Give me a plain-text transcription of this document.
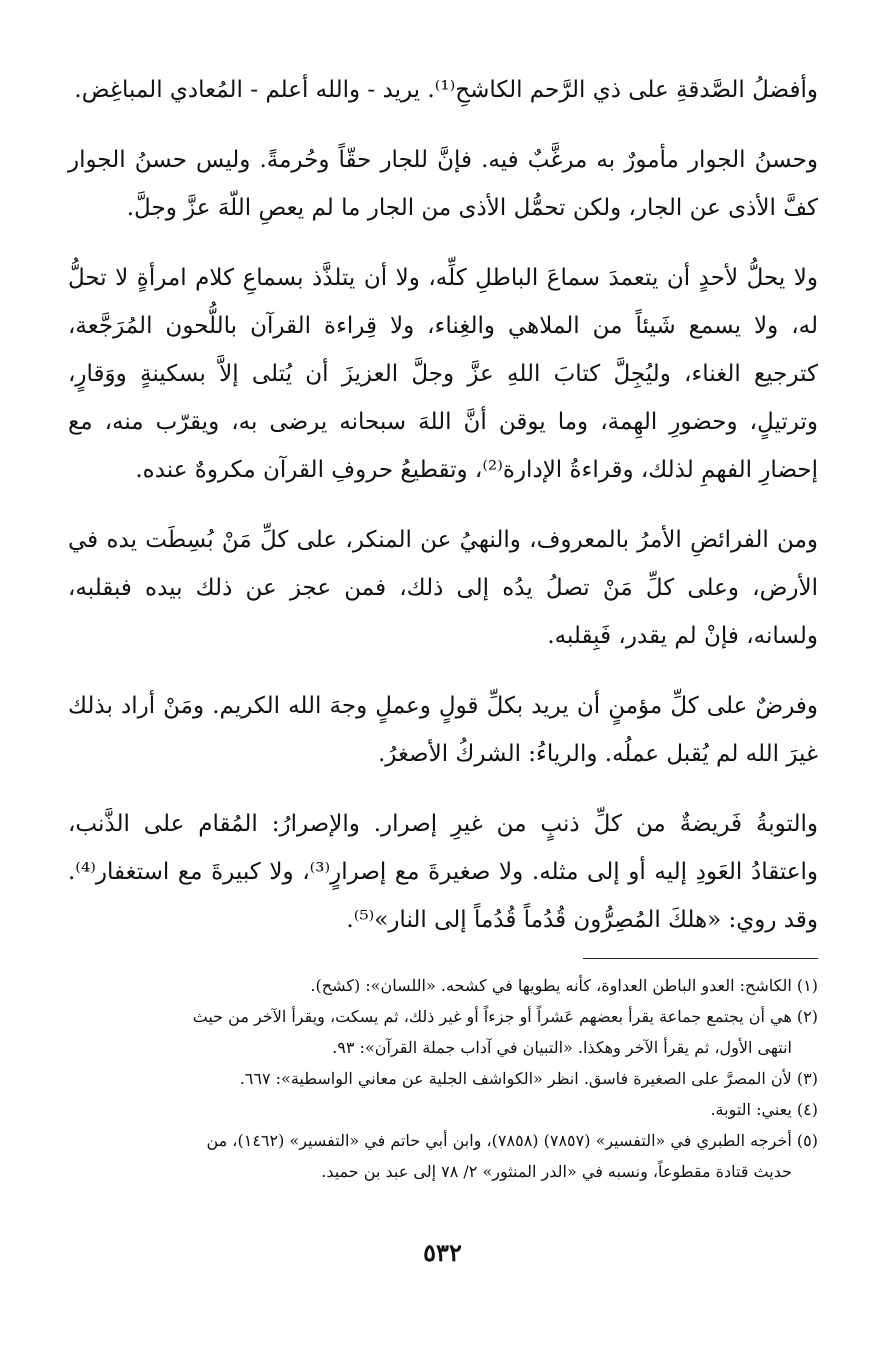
وأفضلُ الصَّدقةِ على ذي الرَّحم الكاشحِ⁽¹⁾. يريد - والله أعلم - المُعادي المباغِض.

وحسنُ الجوار مأمورٌ به مرغَّبٌ فيه. فإنَّ للجار حقّاً وحُرمةً. وليس حسنُ الجوار كفَّ الأذى عن الجار، ولكن تحمُّل الأذى من الجار ما لم يعصِ اللّهَ عزَّ وجلَّ.

ولا يحلُّ لأحدٍ أن يتعمدَ سماعَ الباطلِ كلِّه، ولا أن يتلذَّذ بسماعِ كلام امرأةٍ لا تحلُّ له، ولا يسمع شَيئاً من الملاهي والغِناء، ولا قِراءة القرآن باللُّحون المُرَجَّعة، كترجيع الغناء، وليُجِلَّ كتابَ اللهِ عزَّ وجلَّ العزيزَ أن يُتلى إلاَّ بسكينةٍ ووَقارٍ، وترتيلٍ، وحضورِ الهِمة، وما يوقن أنَّ اللهَ سبحانه يرضى به، ويقرّب منه، مع إحضارِ الفهمِ لذلك، وقراءةُ الإدارة⁽²⁾، وتقطيعُ حروفِ القرآن مكروهٌ عنده.

ومن الفرائضِ الأمرُ بالمعروف، والنهيُ عن المنكر، على كلِّ مَنْ بُسِطَت يده في الأرض، وعلى كلِّ مَنْ تصلُ يدُه إلى ذلك، فمن عجز عن ذلك بيده فبقلبه، ولسانه، فإنْ لم يقدر، فَبِقلبه.

وفرضٌ على كلِّ مؤمنٍ أن يريد بكلِّ قولٍ وعملٍ وجهَ الله الكريم. ومَنْ أراد بذلك غيرَ الله لم يُقبل عملُه. والرياءُ: الشركُ الأصغرُ.

والتوبةُ فَريضةٌ من كلِّ ذنبٍ من غيرِ إصرار. والإصرارُ: المُقام على الذَّنب، واعتقادُ العَودِ إليه أو إلى مثله. ولا صغيرةَ مع إصرارٍ⁽³⁾، ولا كبيرةَ مع استغفار⁽⁴⁾. وقد روي: «هلكَ المُصِرُّون قُدُماً قُدُماً إلى النار»⁽⁵⁾.

(١) الكاشح: العدو الباطن العداوة، كأنه يطويها في كشحه. «اللسان»: (كشح).

(٢) هي أن يجتمع جماعة يقرأ بعضهم عَشراً أو جزءاً أو غير ذلك، ثم يسكت، ويقرأ الآخر من حيث
انتهى الأول، ثم يقرأ الآخر وهكذا. «التبيان في آداب جملة القرآن»: ٩٣.

(٣) لأن المصرَّ على الصغيرة فاسق. انظر «الكواشف الجلية عن معاني الواسطية»: ٦٦٧.

(٤) يعني: التوبة.

(٥) أخرجه الطبري في «التفسير» (٧٨٥٧) (٧٨٥٨)، وابن أبي حاتم في «التفسير» (١٤٦٢)، من
حديث قتادة مقطوعاً، ونسبه في «الدر المنثور» ٢/ ٧٨ إلى عبد بن حميد.

٥٣٢
